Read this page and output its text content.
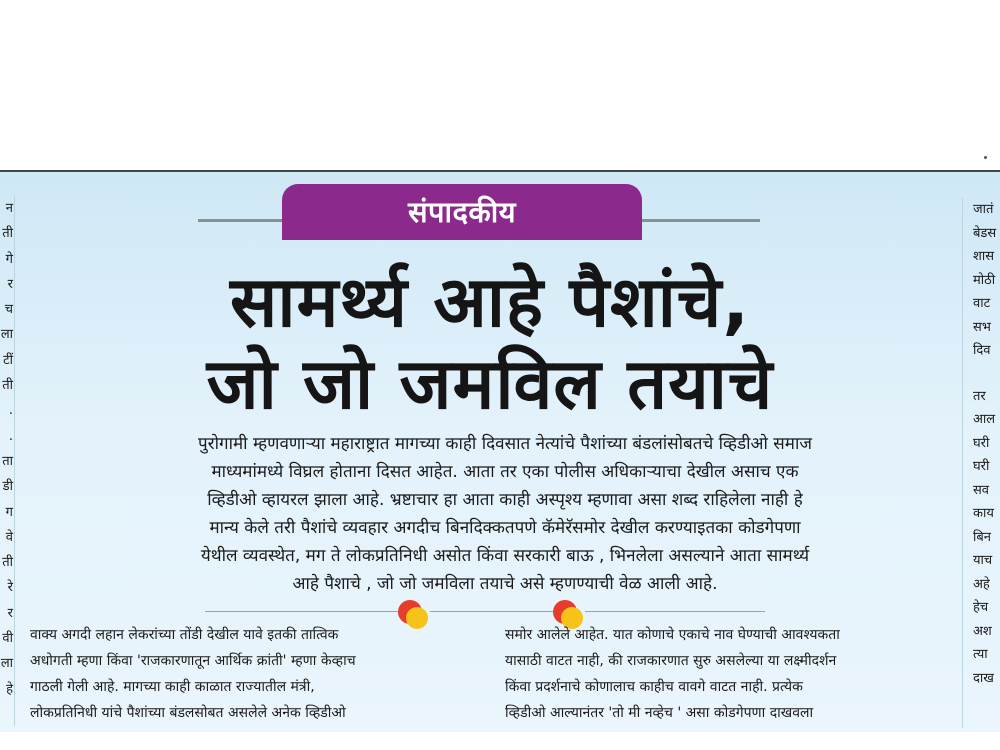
न
ती
गे
र
च
ला
टीं
ती
.
.
ता
डी
ग
वे
ती
रे
र
वी
ला
हे
जातं
बेडस
शास
मोठी
वाट
सभ
दिव
तर
आल
घरी
घरी
सव
काय
बिन
याच
अहे
हेच
अश
त्या
दाख
संपादकीय
सामर्थ्य आहे पैशांचे,
जो जो जमविल तयाचे
पुरोगामी म्हणवणाऱ्या महाराष्ट्रात मागच्या काही दिवसात नेत्यांचे पैशांच्या बंडलांसोबतचे व्हिडीओ समाज
माध्यमांमध्ये विघ्रल होताना दिसत आहेत. आता तर एका पोलीस अधिकाऱ्याचा देखील असाच एक
व्हिडीओ व्हायरल झाला आहे. भ्रष्टाचार हा आता काही अस्पृश्य म्हणावा असा शब्द राहिलेला नाही हे
मान्य केले तरी पैशांचे व्यवहार अगदीच बिनदिक्कतपणे कॅमेरॅसमोर देखील करण्याइतका कोडगेपणा
येथील व्यवस्थेत, मग ते लोकप्रतिनिधी असोत किंवा सरकारी बाऊ , भिनलेला असल्याने आता सामर्थ्य
आहे पैशाचे , जो जो जमविला तयाचे असे म्हणण्याची वेळ आली आहे.
वाक्य अगदी लहान लेकरांच्या तोंडी देखील यावे इतकी तात्विक
अधोगती म्हणा किंवा 'राजकारणातून आर्थिक क्रांती' म्हणा केव्हाच
गाठली गेली आहे. मागच्या काही काळात राज्यातील मंत्री,
लोकप्रतिनिधी यांचे पैशांच्या बंडलसोबत असलेले अनेक व्हिडीओ
समोर आलेले आहेत. यात कोणाचे एकाचे नाव घेण्याची आवश्यकता
यासाठी वाटत नाही, की राजकारणात सुरु असलेल्या या लक्ष्मीदर्शन
किंवा प्रदर्शनाचे कोणालाच काहीच वावगे वाटत नाही. प्रत्येक
व्हिडीओ आल्यानंतर 'तो मी नव्हेच ' असा कोडगेपणा दाखवला
